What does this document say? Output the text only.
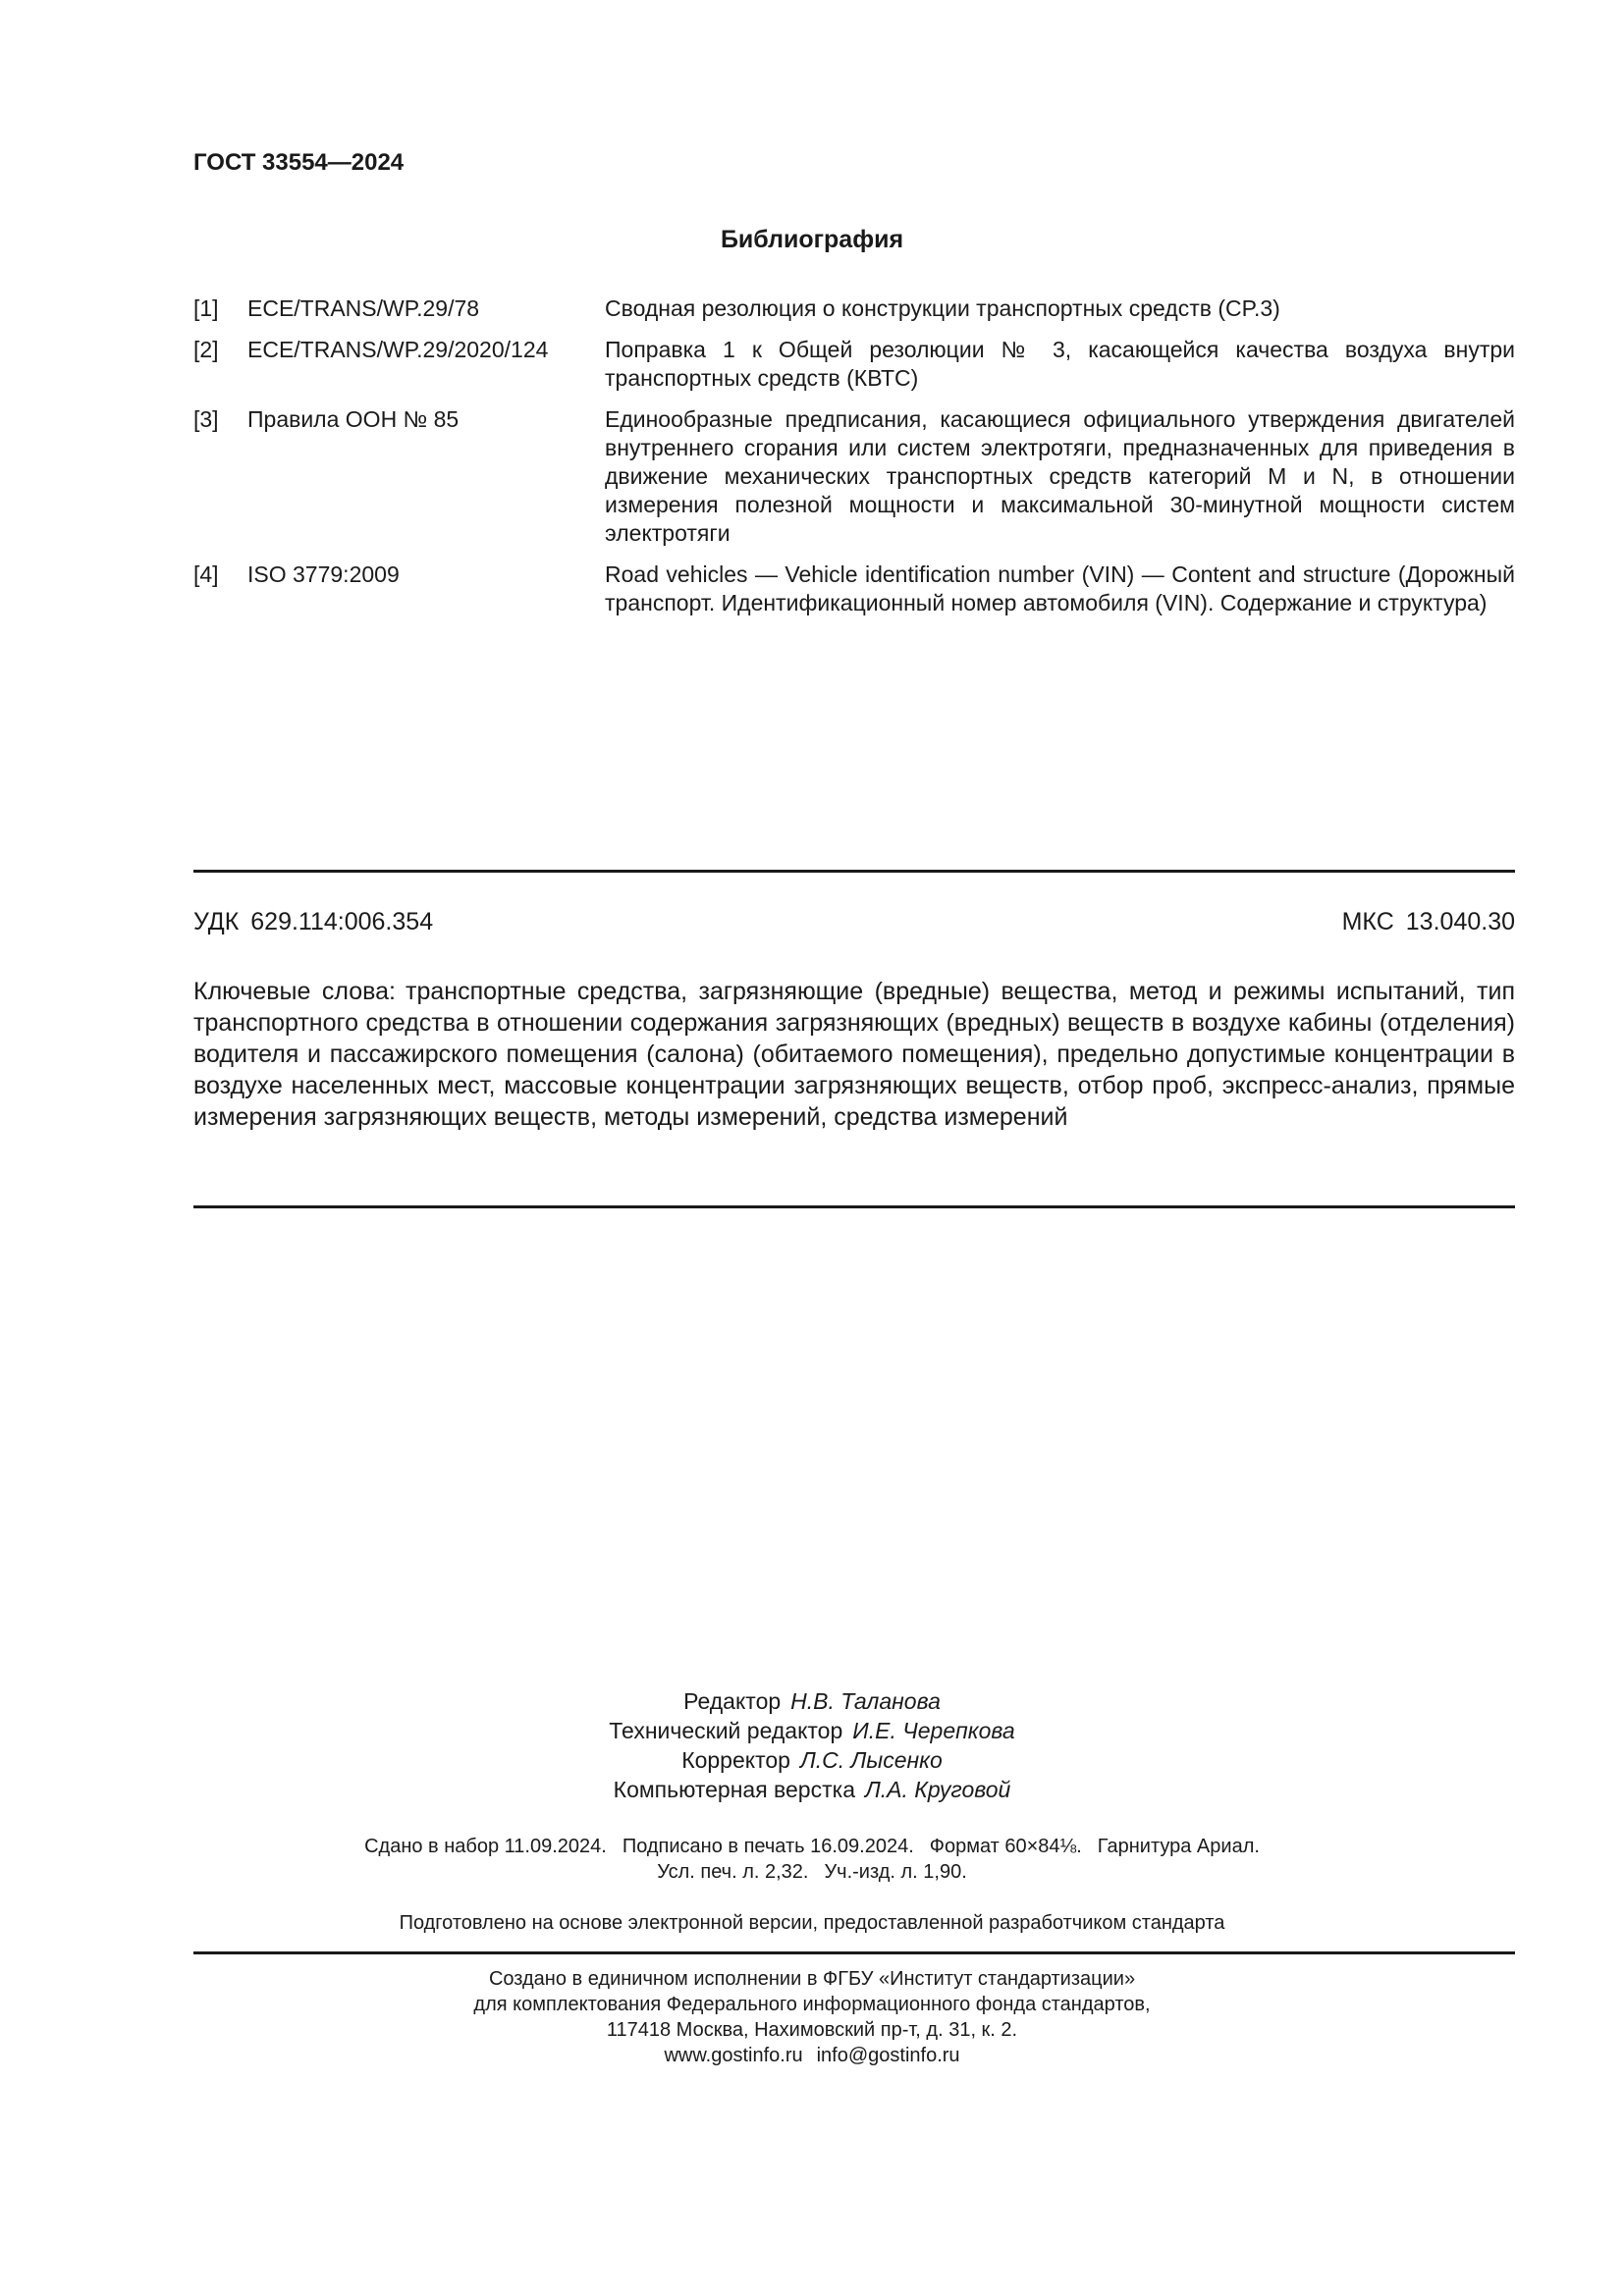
ГОСТ 33554—2024
Библиография
[1] ECE/TRANS/WP.29/78	Сводная резолюция о конструкции транспортных средств (CP.3)
[2] ECE/TRANS/WP.29/2020/124	Поправка 1 к Общей резолюции № 3, касающейся качества воздуха внутри транспортных средств (КВТС)
[3] Правила ООН № 85	Единообразные предписания, касающиеся официального утверждения двигателей внутреннего сгорания или систем электротяги, предназначенных для приведения в движение механических транспортных средств категорий M и N, в отношении измерения полезной мощности и максимальной 30-минутной мощности систем электротяги
[4] ISO 3779:2009	Road vehicles — Vehicle identification number (VIN) — Content and structure (Дорожный транспорт. Идентификационный номер автомобиля (VIN). Содержание и структура)
УДК 629.114:006.354	МКС 13.040.30
Ключевые слова: транспортные средства, загрязняющие (вредные) вещества, метод и режимы испытаний, тип транспортного средства в отношении содержания загрязняющих (вредных) веществ в воздухе кабины (отделения) водителя и пассажирского помещения (салона) (обитаемого помещения), предельно допустимые концентрации в воздухе населенных мест, массовые концентрации загрязняющих веществ, отбор проб, экспресс-анализ, прямые измерения загрязняющих веществ, методы измерений, средства измерений
Редактор Н.В. Таланова
Технический редактор И.Е. Черепкова
Корректор Л.С. Лысенко
Компьютерная верстка Л.А. Круговой
Сдано в набор 11.09.2024. Подписано в печать 16.09.2024. Формат 60×84⅛. Гарнитура Ариал.
Усл. печ. л. 2,32. Уч.-изд. л. 1,90.
Подготовлено на основе электронной версии, предоставленной разработчиком стандарта
Создано в единичном исполнении в ФГБУ «Институт стандартизации»
для комплектования Федерального информационного фонда стандартов,
117418 Москва, Нахимовский пр-т, д. 31, к. 2.
www.gostinfo.ru info@gostinfo.ru
